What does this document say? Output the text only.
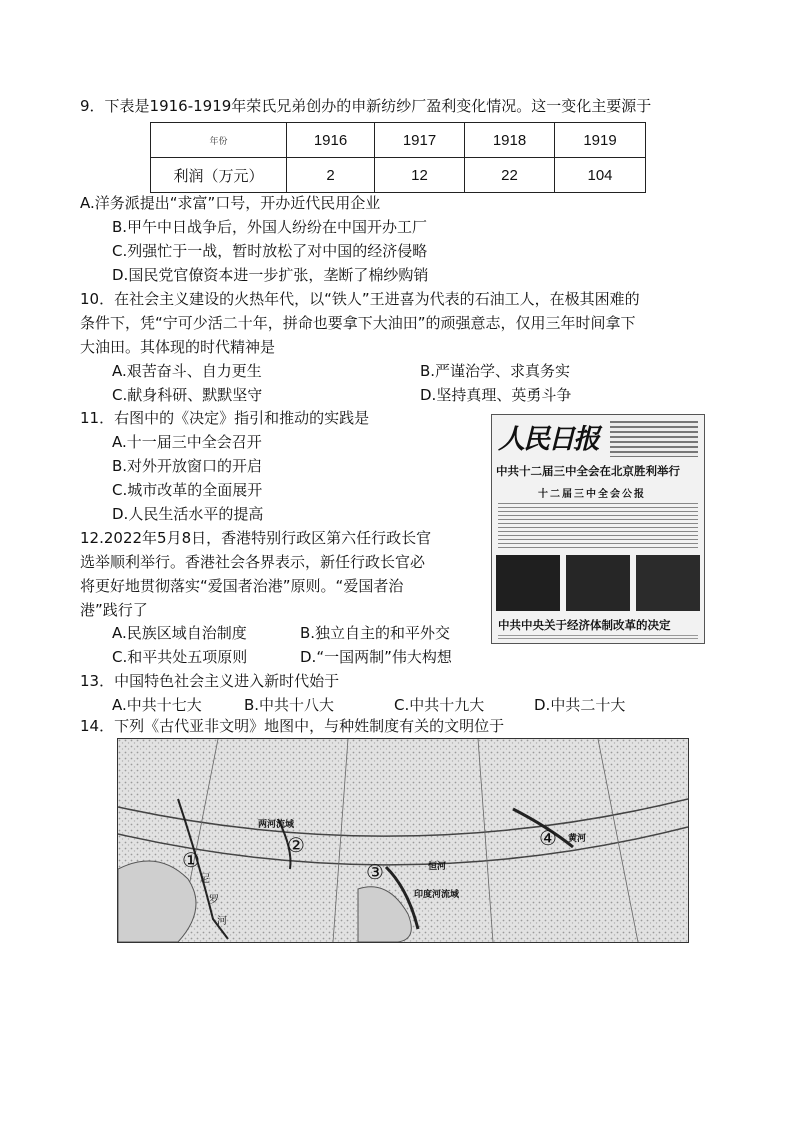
9．下表是1916-1919年荣氏兄弟创办的申新纺纱厂盈利变化情况。这一变化主要源于
年份	1916	1917	1918	1919
利润（万元）	2	12	22	104
A.洋务派提出“求富”口号，开办近代民用企业
B.甲午中日战争后，外国人纷纷在中国开办工厂
C.列强忙于一战，暂时放松了对中国的经济侵略
D.国民党官僚资本进一步扩张，垄断了棉纱购销
10．在社会主义建设的火热年代，以“铁人”王进喜为代表的石油工人，在极其困难的
条件下，凭“宁可少活二十年，拼命也要拿下大油田”的顽强意志，仅用三年时间拿下
大油田。其体现的时代精神是
A.艰苦奋斗、自力更生	B.严谨治学、求真务实
C.献身科研、默默坚守	D.坚持真理、英勇斗争
11．右图中的《决定》指引和推动的实践是
A.十一届三中全会召开
B.对外开放窗口的开启
C.城市改革的全面展开
D.人民生活水平的提高
人民日报
中共十二届三中全会在北京胜利举行
十二届三中全会公报
中共中央关于经济体制改革的决定
12.2022年5月8日，香港特别行政区第六任行政长官
选举顺利举行。香港社会各界表示，新任行政长官必
将更好地贯彻落实“爱国者治港”原则。“爱国者治
港”践行了
A.民族区域自治制度	B.独立自主的和平外交
C.和平共处五项原则	D.“一国两制”伟大构想
13．中国特色社会主义进入新时代始于
A.中共十七大	B.中共十八大	C.中共十九大	D.中共二十大
14．下列《古代亚非文明》地图中，与种姓制度有关的文明位于
①
②
③
④
两河流域
印度河流域
尼
罗
河
恒河
黄河
